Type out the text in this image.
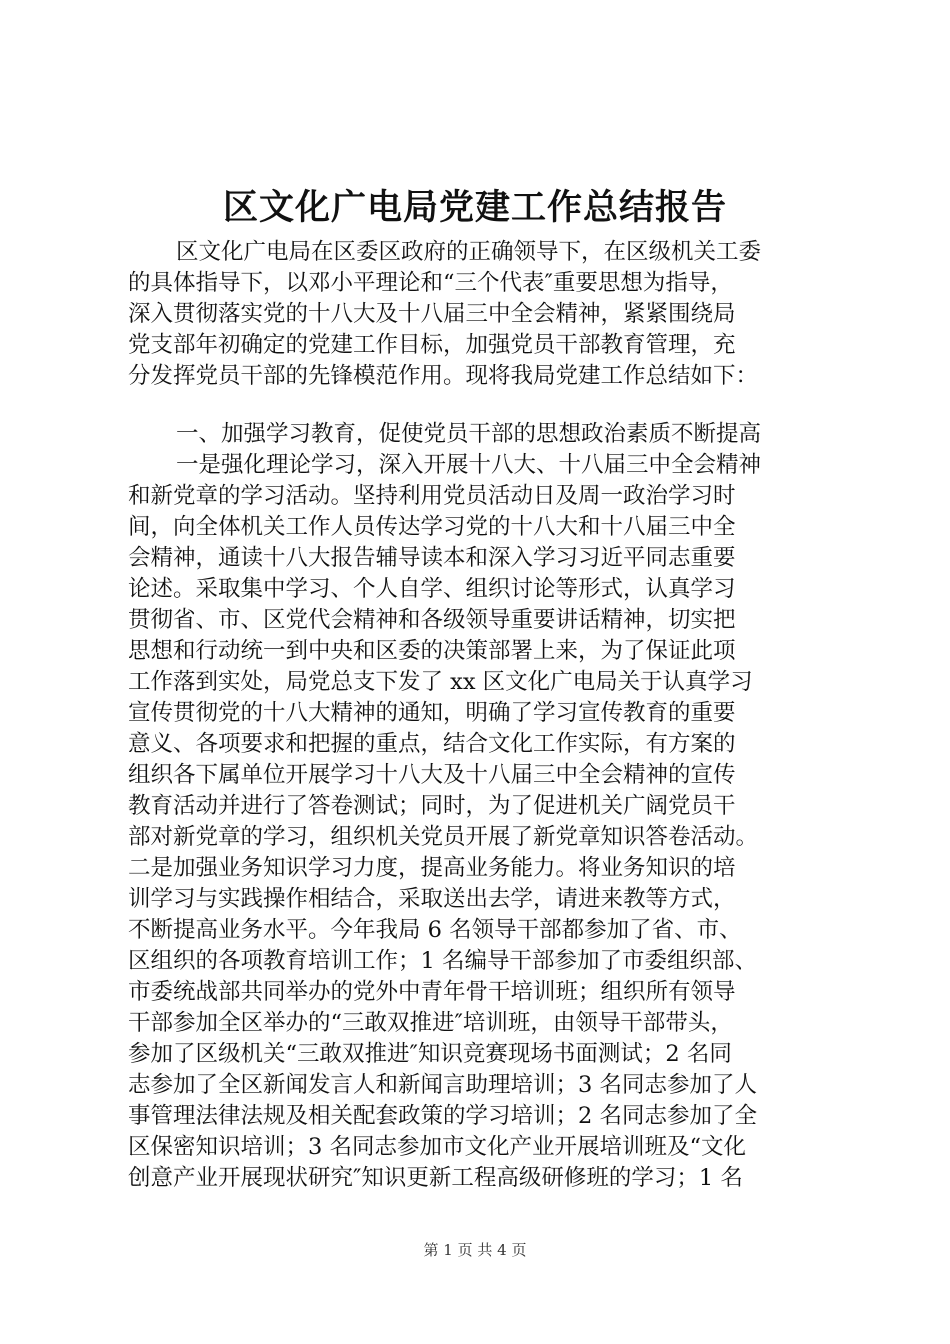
区文化广电局党建工作总结报告
区文化广电局在区委区政府的正确领导下，在区级机关工委
的具体指导下，以邓小平理论和“三个代表″重要思想为指导，
深入贯彻落实党的十八大及十八届三中全会精神，紧紧围绕局
党支部年初确定的党建工作目标，加强党员干部教育管理，充
分发挥党员干部的先锋模范作用。现将我局党建工作总结如下：
一、加强学习教育，促使党员干部的思想政治素质不断提高
一是强化理论学习，深入开展十八大、十八届三中全会精神
和新党章的学习活动。坚持利用党员活动日及周一政治学习时
间，向全体机关工作人员传达学习党的十八大和十八届三中全
会精神，通读十八大报告辅导读本和深入学习习近平同志重要
论述。采取集中学习、个人自学、组织讨论等形式，认真学习
贯彻省、市、区党代会精神和各级领导重要讲话精神，切实把
思想和行动统一到中央和区委的决策部署上来，为了保证此项
工作落到实处，局党总支下发了 xx 区文化广电局关于认真学习
宣传贯彻党的十八大精神的通知，明确了学习宣传教育的重要
意义、各项要求和把握的重点，结合文化工作实际，有方案的
组织各下属单位开展学习十八大及十八届三中全会精神的宣传
教育活动并进行了答卷测试；同时，为了促进机关广阔党员干
部对新党章的学习，组织机关党员开展了新党章知识答卷活动。
二是加强业务知识学习力度，提高业务能力。将业务知识的培
训学习与实践操作相结合，采取送出去学，请进来教等方式，
不断提高业务水平。今年我局 6 名领导干部都参加了省、市、
区组织的各项教育培训工作；1 名编导干部参加了市委组织部、
市委统战部共同举办的党外中青年骨干培训班；组织所有领导
干部参加全区举办的“三敢双推进″培训班，由领导干部带头，
参加了区级机关“三敢双推进″知识竞赛现场书面测试；2 名同
志参加了全区新闻发言人和新闻言助理培训；3 名同志参加了人
事管理法律法规及相关配套政策的学习培训；2 名同志参加了全
区保密知识培训；3 名同志参加市文化产业开展培训班及“文化
创意产业开展现状研究″知识更新工程高级研修班的学习；1 名
第 1 页 共 4 页
